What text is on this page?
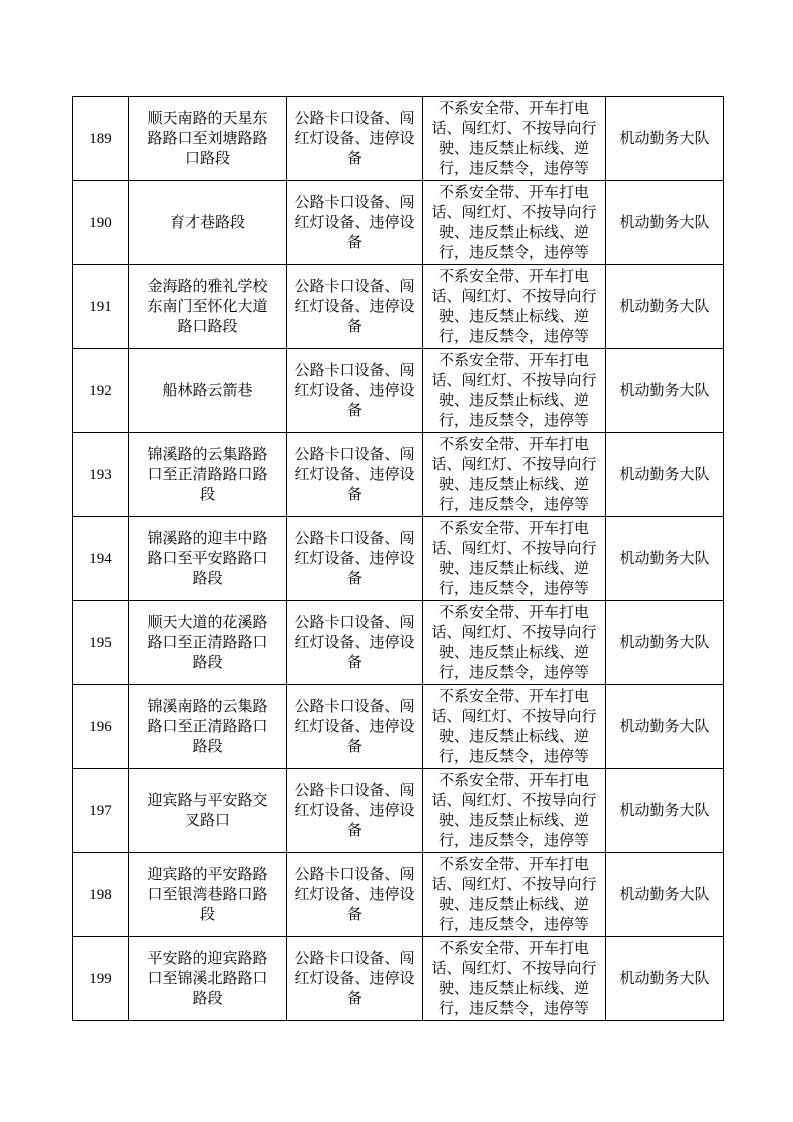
189	顺天南路的天星东路路口至刘塘路路口路段	公路卡口设备、闯红灯设备、违停设备	不系安全带、开车打电话、闯红灯、不按导向行驶、违反禁止标线、逆行，违反禁令，违停等	机动勤务大队
190	育才巷路段	公路卡口设备、闯红灯设备、违停设备	不系安全带、开车打电话、闯红灯、不按导向行驶、违反禁止标线、逆行，违反禁令，违停等	机动勤务大队
191	金海路的雅礼学校东南门至怀化大道路口路段	公路卡口设备、闯红灯设备、违停设备	不系安全带、开车打电话、闯红灯、不按导向行驶、违反禁止标线、逆行，违反禁令，违停等	机动勤务大队
192	船林路云箭巷	公路卡口设备、闯红灯设备、违停设备	不系安全带、开车打电话、闯红灯、不按导向行驶、违反禁止标线、逆行，违反禁令，违停等	机动勤务大队
193	锦溪路的云集路路口至正清路路口路段	公路卡口设备、闯红灯设备、违停设备	不系安全带、开车打电话、闯红灯、不按导向行驶、违反禁止标线、逆行，违反禁令，违停等	机动勤务大队
194	锦溪路的迎丰中路路口至平安路路口路段	公路卡口设备、闯红灯设备、违停设备	不系安全带、开车打电话、闯红灯、不按导向行驶、违反禁止标线、逆行，违反禁令，违停等	机动勤务大队
195	顺天大道的花溪路路口至正清路路口路段	公路卡口设备、闯红灯设备、违停设备	不系安全带、开车打电话、闯红灯、不按导向行驶、违反禁止标线、逆行，违反禁令，违停等	机动勤务大队
196	锦溪南路的云集路路口至正清路路口路段	公路卡口设备、闯红灯设备、违停设备	不系安全带、开车打电话、闯红灯、不按导向行驶、违反禁止标线、逆行，违反禁令，违停等	机动勤务大队
197	迎宾路与平安路交叉路口	公路卡口设备、闯红灯设备、违停设备	不系安全带、开车打电话、闯红灯、不按导向行驶、违反禁止标线、逆行，违反禁令，违停等	机动勤务大队
198	迎宾路的平安路路口至银湾巷路口路段	公路卡口设备、闯红灯设备、违停设备	不系安全带、开车打电话、闯红灯、不按导向行驶、违反禁止标线、逆行，违反禁令，违停等	机动勤务大队
199	平安路的迎宾路路口至锦溪北路路口路段	公路卡口设备、闯红灯设备、违停设备	不系安全带、开车打电话、闯红灯、不按导向行驶、违反禁止标线、逆行，违反禁令，违停等	机动勤务大队
